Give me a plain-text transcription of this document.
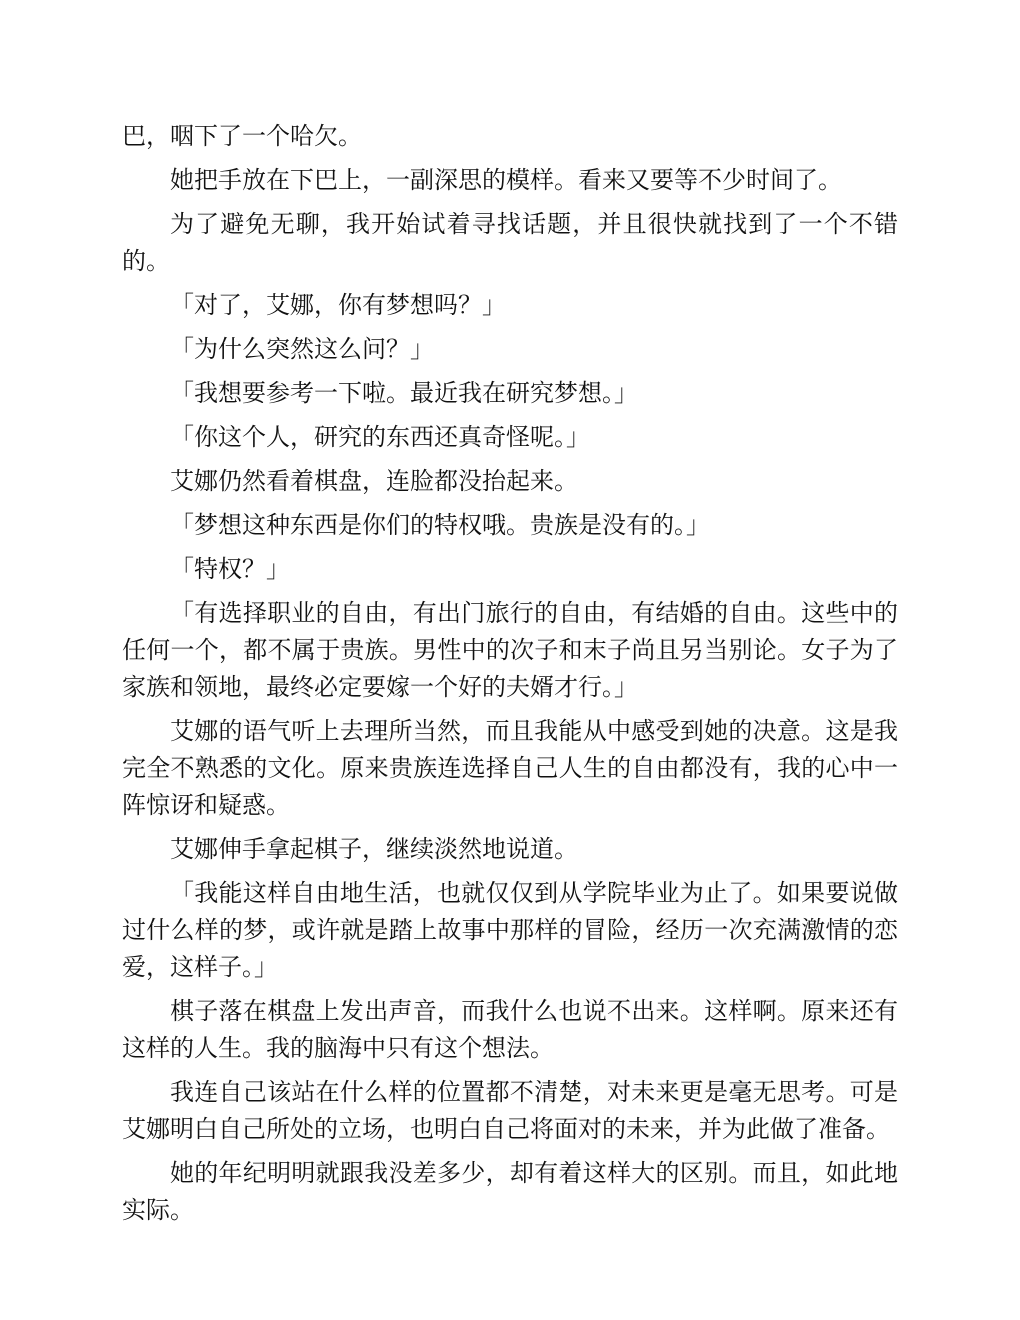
巴，咽下了一个哈欠。

她把手放在下巴上，一副深思的模样。看来又要等不少时间了。

为了避免无聊，我开始试着寻找话题，并且很快就找到了一个不错的。

「对了，艾娜，你有梦想吗？」

「为什么突然这么问？」

「我想要参考一下啦。最近我在研究梦想。」

「你这个人，研究的东西还真奇怪呢。」

艾娜仍然看着棋盘，连脸都没抬起来。

「梦想这种东西是你们的特权哦。贵族是没有的。」

「特权？」

「有选择职业的自由，有出门旅行的自由，有结婚的自由。这些中的任何一个，都不属于贵族。男性中的次子和末子尚且另当别论。女子为了家族和领地，最终必定要嫁一个好的夫婿才行。」

艾娜的语气听上去理所当然，而且我能从中感受到她的决意。这是我完全不熟悉的文化。原来贵族连选择自己人生的自由都没有，我的心中一阵惊讶和疑惑。

艾娜伸手拿起棋子，继续淡然地说道。

「我能这样自由地生活，也就仅仅到从学院毕业为止了。如果要说做过什么样的梦，或许就是踏上故事中那样的冒险，经历一次充满激情的恋爱，这样子。」

棋子落在棋盘上发出声音，而我什么也说不出来。这样啊。原来还有这样的人生。我的脑海中只有这个想法。

我连自己该站在什么样的位置都不清楚，对未来更是毫无思考。可是艾娜明白自己所处的立场，也明白自己将面对的未来，并为此做了准备。

她的年纪明明就跟我没差多少，却有着这样大的区别。而且，如此地实际。
